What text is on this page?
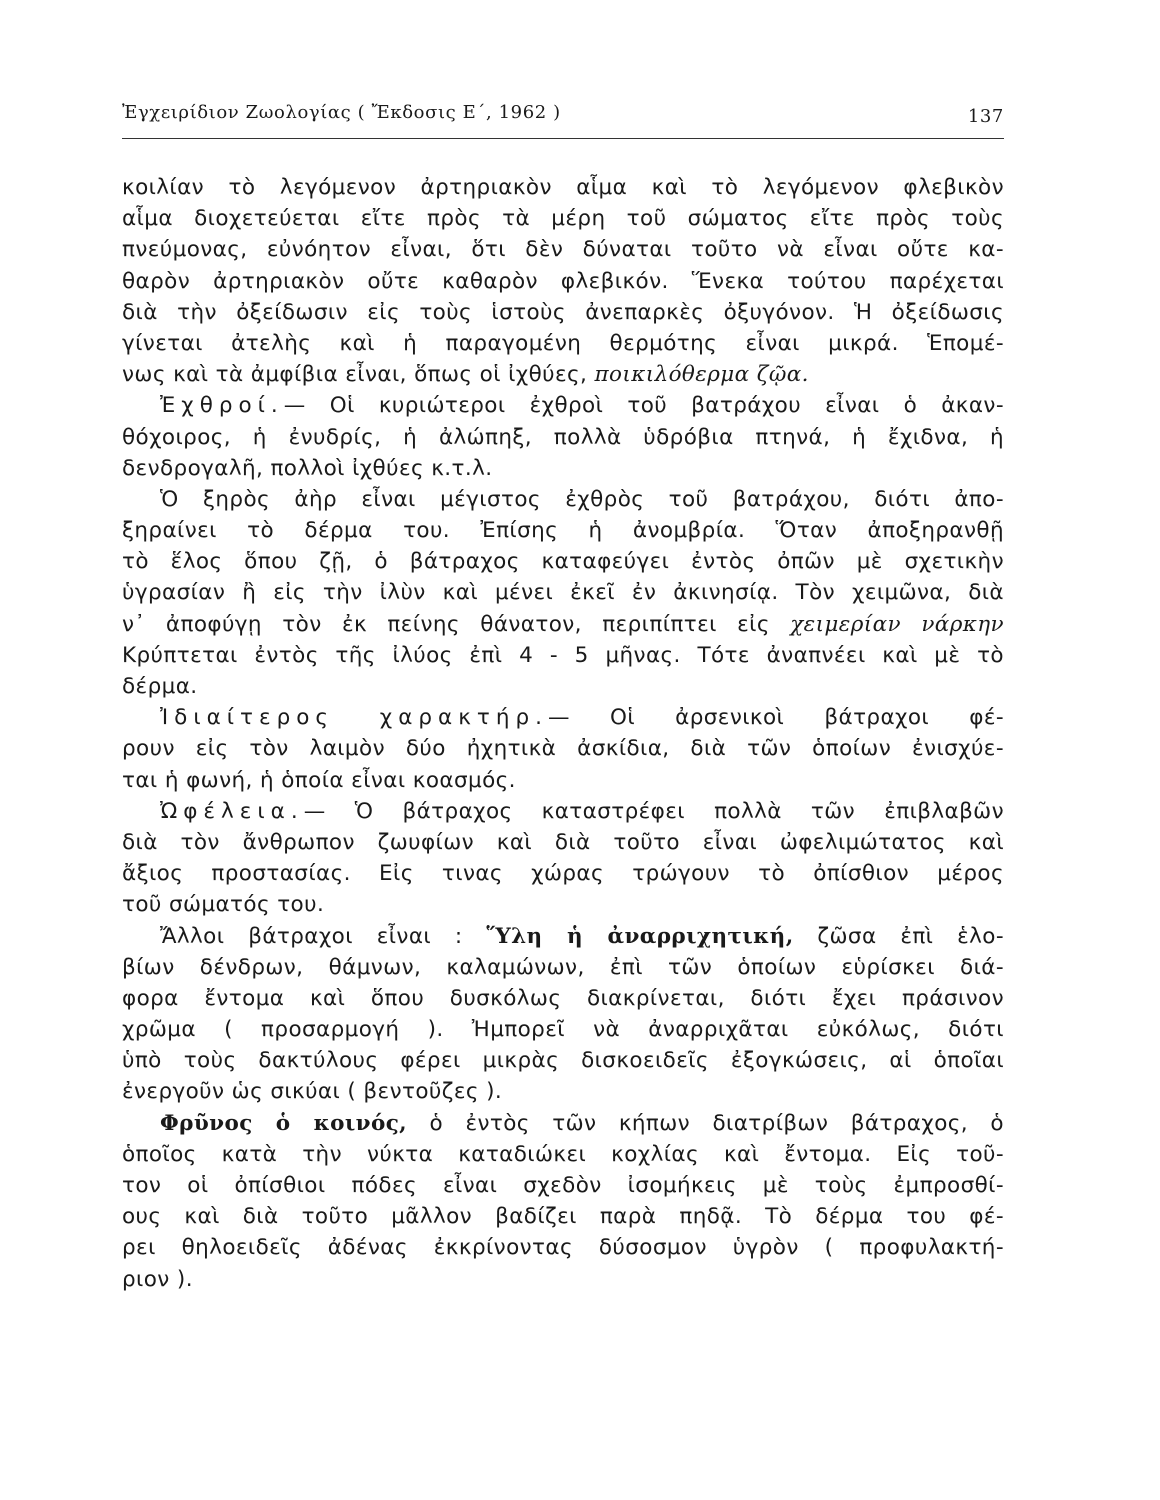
Ἐγχειρίδιον Ζωολογίας ( Ἔκδοσις Ε΄, 1962 )	137
κοιλίαν τὸ λεγόμενον ἀρτηριακὸν αἷμα καὶ τὸ λεγόμενον φλεβικὸν
αἷμα διοχετεύεται εἴτε πρὸς τὰ μέρη τοῦ σώματος εἴτε πρὸς τοὺς
πνεύμονας, εὐνόητον εἶναι, ὅτι δὲν δύναται τοῦτο νὰ εἶναι οὔτε κα-
θαρὸν ἀρτηριακὸν οὔτε καθαρὸν φλεβικόν. Ἕνεκα τούτου παρέχεται
διὰ τὴν ὀξείδωσιν εἰς τοὺς ἱστοὺς ἀνεπαρκὲς ὀξυγόνον. Ἡ ὀξείδωσις
γίνεται ἀτελὴς καὶ ἡ παραγομένη θερμότης εἶναι μικρά. Ἑπομέ-
νως καὶ τὰ ἀμφίβια εἶναι, ὅπως οἱ ἰχθύες, ποικιλόθερμα ζῷα.
Ἐχθροί.— Οἱ κυριώτεροι ἐχθροὶ τοῦ βατράχου εἶναι ὁ ἀκαν-
θόχοιρος, ἡ ἐνυδρίς, ἡ ἀλώπηξ, πολλὰ ὑδρόβια πτηνά, ἡ ἔχιδνα, ἡ
δενδρογαλῆ, πολλοὶ ἰχθύες κ.τ.λ.
Ὁ ξηρὸς ἀὴρ εἶναι μέγιστος ἐχθρὸς τοῦ βατράχου, διότι ἀπο-
ξηραίνει τὸ δέρμα του. Ἐπίσης ἡ ἀνομβρία. Ὅταν ἀποξηρανθῇ
τὸ ἕλος ὅπου ζῇ, ὁ βάτραχος καταφεύγει ἐντὸς ὀπῶν μὲ σχετικὴν
ὑγρασίαν ἢ εἰς τὴν ἰλὺν καὶ μένει ἐκεῖ ἐν ἀκινησίᾳ. Τὸν χειμῶνα, διὰ
ν᾽ ἀποφύγῃ τὸν ἐκ πείνης θάνατον, περιπίπτει εἰς χειμερίαν νάρκην
Κρύπτεται ἐντὸς τῆς ἰλύος ἐπὶ 4 - 5 μῆνας. Τότε ἀναπνέει καὶ μὲ τὸ
δέρμα.
Ἰδιαίτερος χαρακτήρ.— Οἱ ἀρσενικοὶ βάτραχοι φέ-
ρουν εἰς τὸν λαιμὸν δύο ἠχητικὰ ἀσκίδια, διὰ τῶν ὁποίων ἐνισχύε-
ται ἡ φωνή, ἡ ὁποία εἶναι κοασμός.
Ὠφέλεια.— Ὁ βάτραχος καταστρέφει πολλὰ τῶν ἐπιβλαβῶν
διὰ τὸν ἄνθρωπον ζωυφίων καὶ διὰ τοῦτο εἶναι ὠφελιμώτατος καὶ
ἄξιος προστασίας. Εἰς τινας χώρας τρώγουν τὸ ὀπίσθιον μέρος
τοῦ σώματός του.
Ἄλλοι βάτραχοι εἶναι : Ὕλη ἡ ἀναρριχητική, ζῶσα ἐπὶ ἑλο-
βίων δένδρων, θάμνων, καλαμώνων, ἐπὶ τῶν ὁποίων εὑρίσκει διά-
φορα ἔντομα καὶ ὅπου δυσκόλως διακρίνεται, διότι ἔχει πράσινον
χρῶμα ( προσαρμογή ). Ἠμπορεῖ νὰ ἀναρριχᾶται εὐκόλως, διότι
ὑπὸ τοὺς δακτύλους φέρει μικρὰς δισκοειδεῖς ἐξογκώσεις, αἱ ὁποῖαι
ἐνεργοῦν ὡς σικύαι ( βεντοῦζες ).
Φρῦνος ὁ κοινός, ὁ ἐντὸς τῶν κήπων διατρίβων βάτραχος, ὁ
ὁποῖος κατὰ τὴν νύκτα καταδιώκει κοχλίας καὶ ἔντομα. Εἰς τοῦ-
τον οἱ ὀπίσθιοι πόδες εἶναι σχεδὸν ἰσομήκεις μὲ τοὺς ἐμπροσθί-
ους καὶ διὰ τοῦτο μᾶλλον βαδίζει παρὰ πηδᾷ. Τὸ δέρμα του φέ-
ρει θηλοειδεῖς ἀδένας ἐκκρίνοντας δύσοσμον ὑγρὸν ( προφυλακτή-
ριον ).
